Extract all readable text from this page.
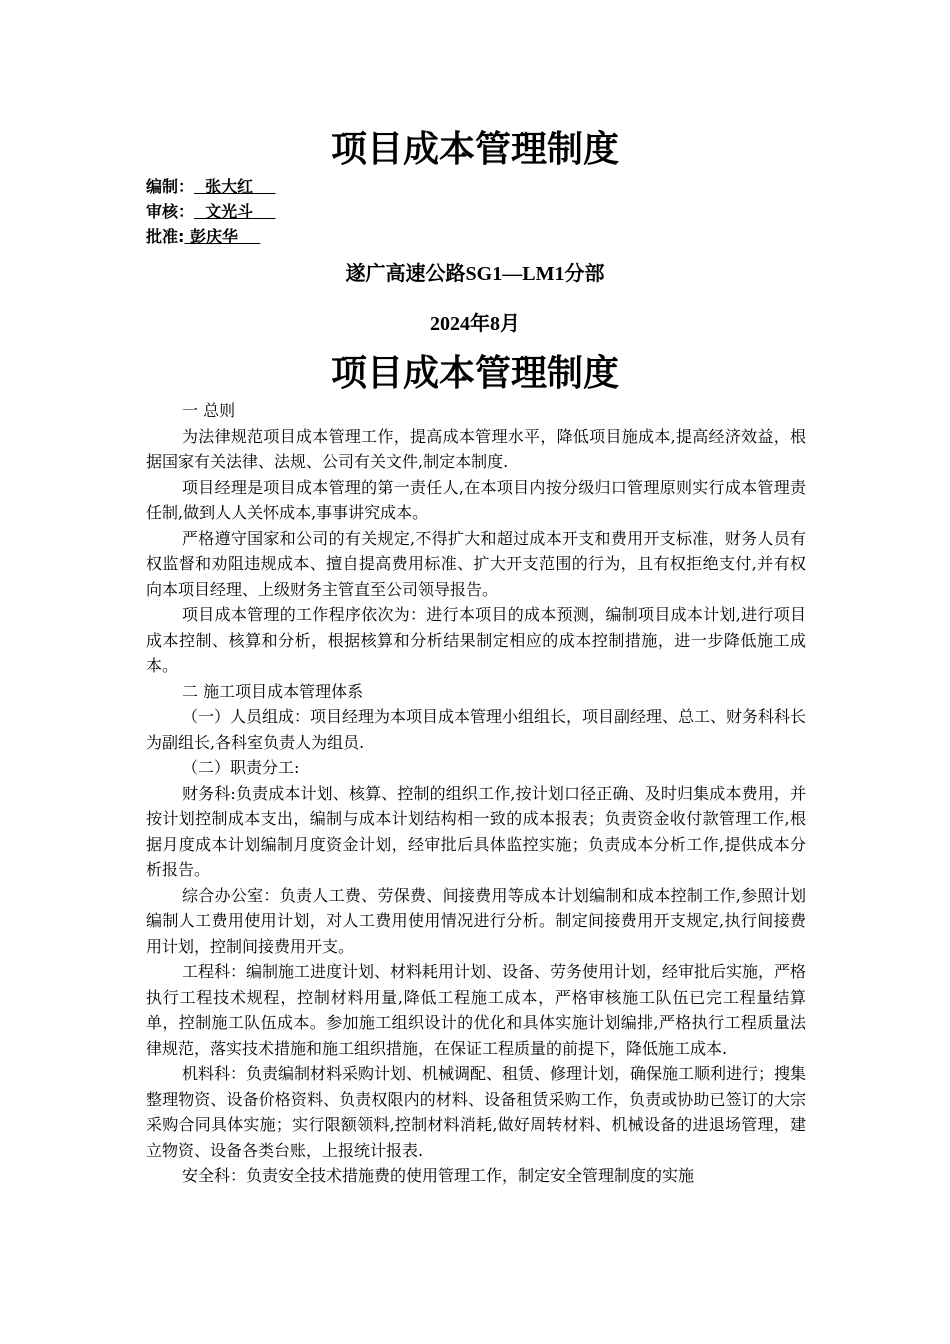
项目成本管理制度
编制：  张大红
审核：  文光斗
批准: 彭庆华
遂广高速公路SG1—LM1分部
2024年8月
项目成本管理制度

一 总则

为法律规范项目成本管理工作，提高成本管理水平，降低项目施成本,提高经济效益，根据国家有关法律、法规、公司有关文件,制定本制度.

项目经理是项目成本管理的第一责任人,在本项目内按分级归口管理原则实行成本管理责任制,做到人人关怀成本,事事讲究成本。

严格遵守国家和公司的有关规定,不得扩大和超过成本开支和费用开支标准，财务人员有权监督和劝阻违规成本、擅自提高费用标准、扩大开支范围的行为，且有权拒绝支付,并有权向本项目经理、上级财务主管直至公司领导报告。

项目成本管理的工作程序依次为：进行本项目的成本预测，编制项目成本计划,进行项目成本控制、核算和分析，根据核算和分析结果制定相应的成本控制措施，进一步降低施工成本。

二 施工项目成本管理体系

（一）人员组成：项目经理为本项目成本管理小组组长，项目副经理、总工、财务科科长为副组长,各科室负责人为组员.

（二）职责分工:

财务科:负责成本计划、核算、控制的组织工作,按计划口径正确、及时归集成本费用，并按计划控制成本支出，编制与成本计划结构相一致的成本报表；负责资金收付款管理工作,根据月度成本计划编制月度资金计划，经审批后具体监控实施；负责成本分析工作,提供成本分析报告。

综合办公室：负责人工费、劳保费、间接费用等成本计划编制和成本控制工作,参照计划编制人工费用使用计划，对人工费用使用情况进行分析。制定间接费用开支规定,执行间接费用计划，控制间接费用开支。

工程科：编制施工进度计划、材料耗用计划、设备、劳务使用计划，经审批后实施，严格执行工程技术规程，控制材料用量,降低工程施工成本，严格审核施工队伍已完工程量结算单，控制施工队伍成本。参加施工组织设计的优化和具体实施计划编排,严格执行工程质量法律规范，落实技术措施和施工组织措施，在保证工程质量的前提下，降低施工成本.

机料科：负责编制材料采购计划、机械调配、租赁、修理计划，确保施工顺利进行；搜集整理物资、设备价格资料、负责权限内的材料、设备租赁采购工作，负责或协助已签订的大宗采购合同具体实施；实行限额领料,控制材料消耗,做好周转材料、机械设备的进退场管理，建立物资、设备各类台账，上报统计报表.

安全科：负责安全技术措施费的使用管理工作，制定安全管理制度的实施
